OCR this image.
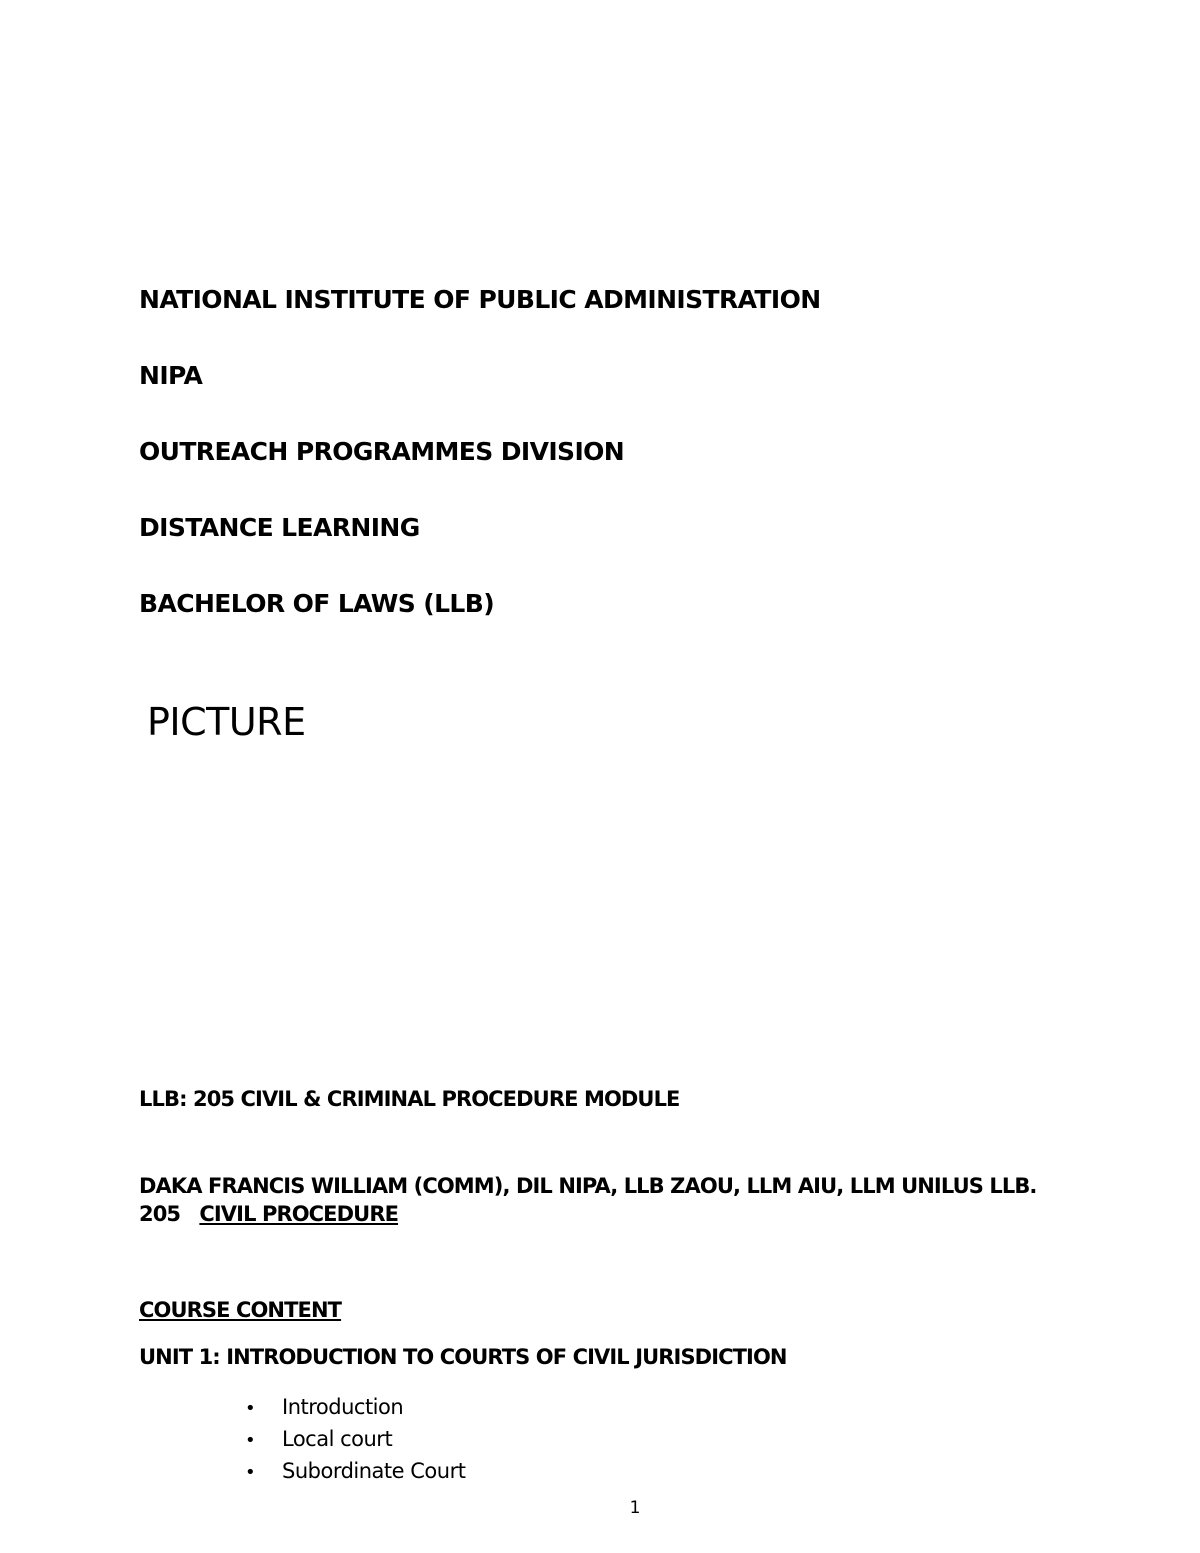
NATIONAL INSTITUTE OF PUBLIC ADMINISTRATION
NIPA
OUTREACH PROGRAMMES DIVISION
DISTANCE LEARNING
BACHELOR OF LAWS (LLB)
PICTURE
LLB: 205 CIVIL & CRIMINAL PROCEDURE MODULE
DAKA FRANCIS WILLIAM (COMM), DIL NIPA, LLB ZAOU, LLM AIU, LLM UNILUS LLB. 205 CIVIL PROCEDURE
COURSE CONTENT
UNIT 1: INTRODUCTION TO COURTS OF CIVIL JURISDICTION
• Introduction
• Local court
• Subordinate Court
1
